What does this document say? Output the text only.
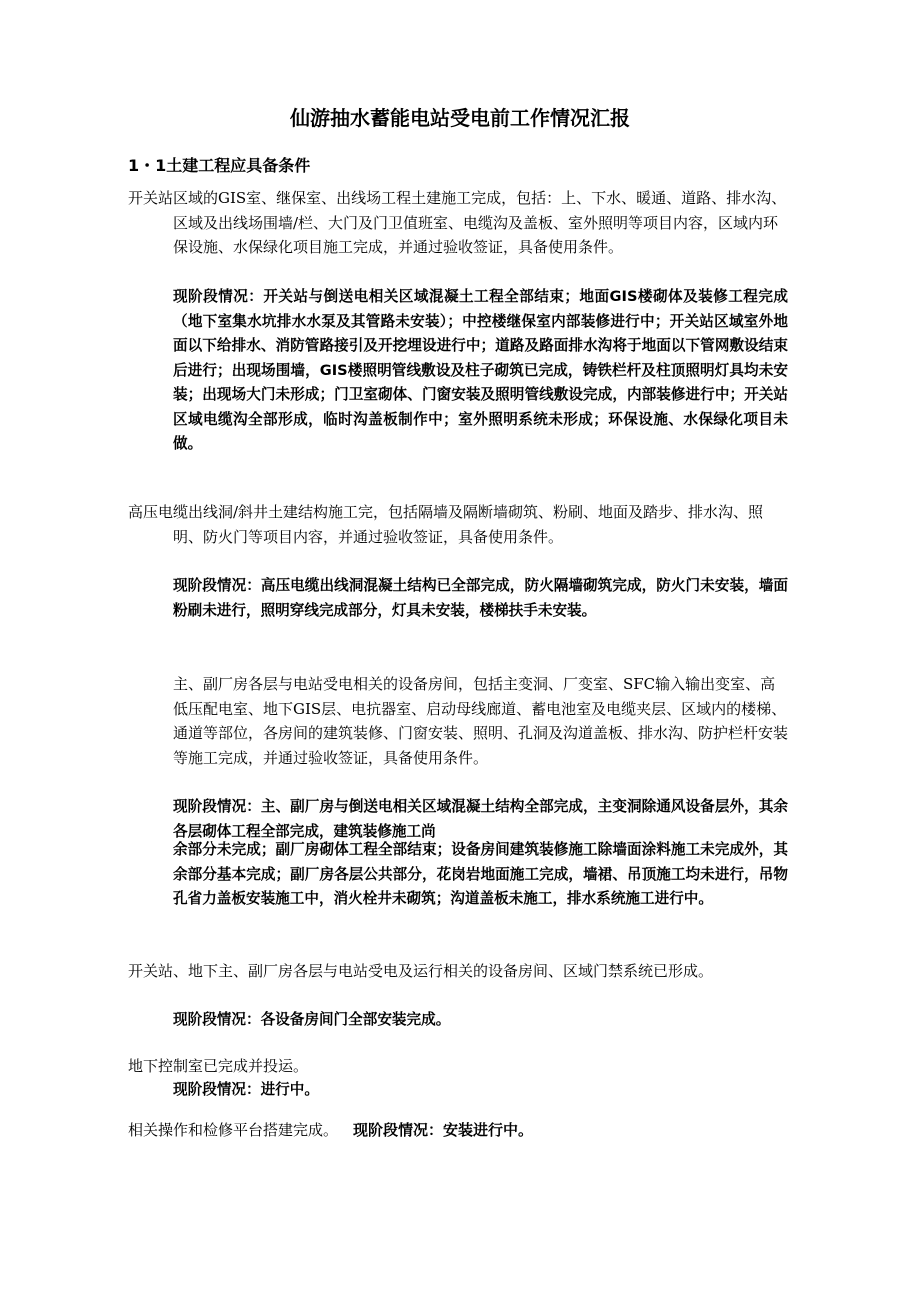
仙游抽水蓄能电站受电前工作情况汇报
1・1土建工程应具备条件

开关站区域的GIS室、继保室、出线场工程土建施工完成，包括：上、下水、暖通、道路、排水沟、区域及出线场围墙/栏、大门及门卫值班室、电缆沟及盖板、室外照明等项目内容，区域内环保设施、水保绿化项目施工完成，并通过验收签证，具备使用条件。

现阶段情况：开关站与倒送电相关区域混凝土工程全部结束；地面GIS楼砌体及装修工程完成（地下室集水坑排水水泵及其管路未安装）；中控楼继保室内部装修进行中；开关站区域室外地面以下给排水、消防管路接引及开挖埋设进行中；道路及路面排水沟将于地面以下管网敷设结束后进行；出现场围墙，GIS楼照明管线敷设及柱子砌筑已完成，铸铁栏杆及柱顶照明灯具均未安装；出现场大门未形成；门卫室砌体、门窗安装及照明管线敷设完成，内部装修进行中；开关站区域电缆沟全部形成，临时沟盖板制作中；室外照明系统未形成；环保设施、水保绿化项目未做。

高压电缆出线洞/斜井土建结构施工完，包括隔墙及隔断墙砌筑、粉刷、地面及踏步、排水沟、照明、防火门等项目内容，并通过验收签证，具备使用条件。

现阶段情况：高压电缆出线洞混凝土结构已全部完成，防火隔墙砌筑完成，防火门未安装，墙面粉刷未进行，照明穿线完成部分，灯具未安装，楼梯扶手未安装。

主、副厂房各层与电站受电相关的设备房间，包括主变洞、厂变室、SFC输入输出变室、高低压配电室、地下GIS层、电抗器室、启动母线廊道、蓄电池室及电缆夹层、区域内的楼梯、通道等部位，各房间的建筑装修、门窗安装、照明、孔洞及沟道盖板、排水沟、防护栏杆安装等施工完成，并通过验收签证，具备使用条件。

现阶段情况：主、副厂房与倒送电相关区域混凝土结构全部完成，主变洞除通风设备层外，其余各层砌体工程全部完成，建筑装修施工尚

余部分未完成；副厂房砌体工程全部结束；设备房间建筑装修施工除墙面涂料施工未完成外，其余部分基本完成；副厂房各层公共部分，花岗岩地面施工完成，墙裙、吊顶施工均未进行，吊物孔省力盖板安装施工中，消火栓井未砌筑；沟道盖板未施工，排水系统施工进行中。

开关站、地下主、副厂房各层与电站受电及运行相关的设备房间、区域门禁系统已形成。

现阶段情况：各设备房间门全部安装完成。

地下控制室已完成并投运。

现阶段情况：进行中。

相关操作和检修平台搭建完成。  现阶段情况：安装进行中。
